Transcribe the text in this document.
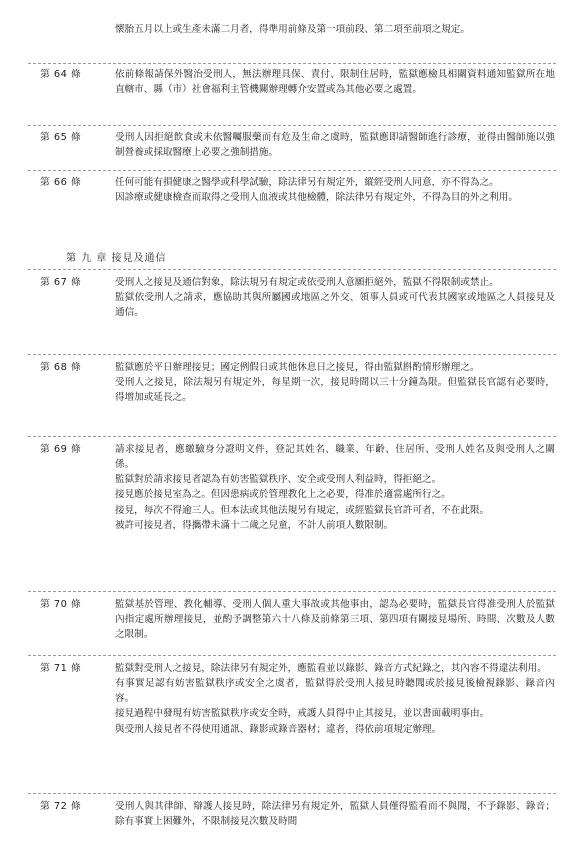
懷胎五月以上或生產未滿二月者，得準用前條及第一項前段、第二項至前項之規定。

第 64 條	依前條報請保外醫治受刑人，無法辦理具保、責付、限制住居時，監獄應檢具相關資料通知監獄所在地直轄市、縣（市）社會福利主管機關辦理轉介安置或為其他必要之處置。

第 65 條	受刑人因拒絕飲食或未依醫囑服藥而有危及生命之虞時，監獄應即請醫師進行診療，並得由醫師施以強制營養或採取醫療上必要之強制措施。

第 66 條	任何可能有損健康之醫學或科學試驗，除法律另有規定外，縱經受刑人同意，亦不得為之。

因診療或健康檢查而取得之受刑人血液或其他檢體，除法律另有規定外，不得為目的外之利用。

第 九 章 接見及通信
第 67 條	受刑人之接見及通信對象，除法規另有規定或依受刑人意願拒絕外，監獄不得限制或禁止。

監獄依受刑人之請求，應協助其與所屬國或地區之外交、領事人員或可代表其國家或地區之人員接見及通信。

第 68 條	監獄應於平日辦理接見；國定例假日或其他休息日之接見，得由監獄斟酌情形辦理之。

受刑人之接見，除法規另有規定外，每星期一次，接見時間以三十分鐘為限。但監獄長官認有必要時，得增加或延長之。

第 69 條	請求接見者，應繳驗身分證明文件，登記其姓名、職業、年齡、住居所、受刑人姓名及與受刑人之關係。

監獄對於請求接見者認為有妨害監獄秩序、安全或受刑人利益時，得拒絕之。

接見應於接見室為之。但因患病或於管理教化上之必要，得准於適當處所行之。

接見，每次不得逾三人。但本法或其他法規另有規定，或經監獄長官許可者，不在此限。

被許可接見者，得攜帶未滿十二歲之兒童，不計人前項人數限制。

第 70 條	監獄基於管理、教化輔導、受刑人個人重大事故或其他事由，認為必要時，監獄長官得准受刑人於監獄內指定處所辦理接見，並酌予調整第六十八條及前條第三項、第四項有關接見場所、時間、次數及人數之限制。

第 71 條	監獄對受刑人之接見，除法律另有規定外，應監看並以錄影、錄音方式紀錄之，其內容不得違法利用。

有事實足認有妨害監獄秩序或安全之虞者，監獄得於受刑人接見時聽聞或於接見後檢視錄影、錄音內容。

接見過程中發現有妨害監獄秩序或安全時，戒護人員得中止其接見，並以書面載明事由。

與受刑人接見者不得使用通訊、錄影或錄音器材；違者，得依前項規定辦理。

第 72 條	受刑人與其律師、辯護人接見時，除法律另有規定外，監獄人員僅得監看而不與聞，不予錄影、錄音；除有事實上困難外，不限制接見次數及時間
